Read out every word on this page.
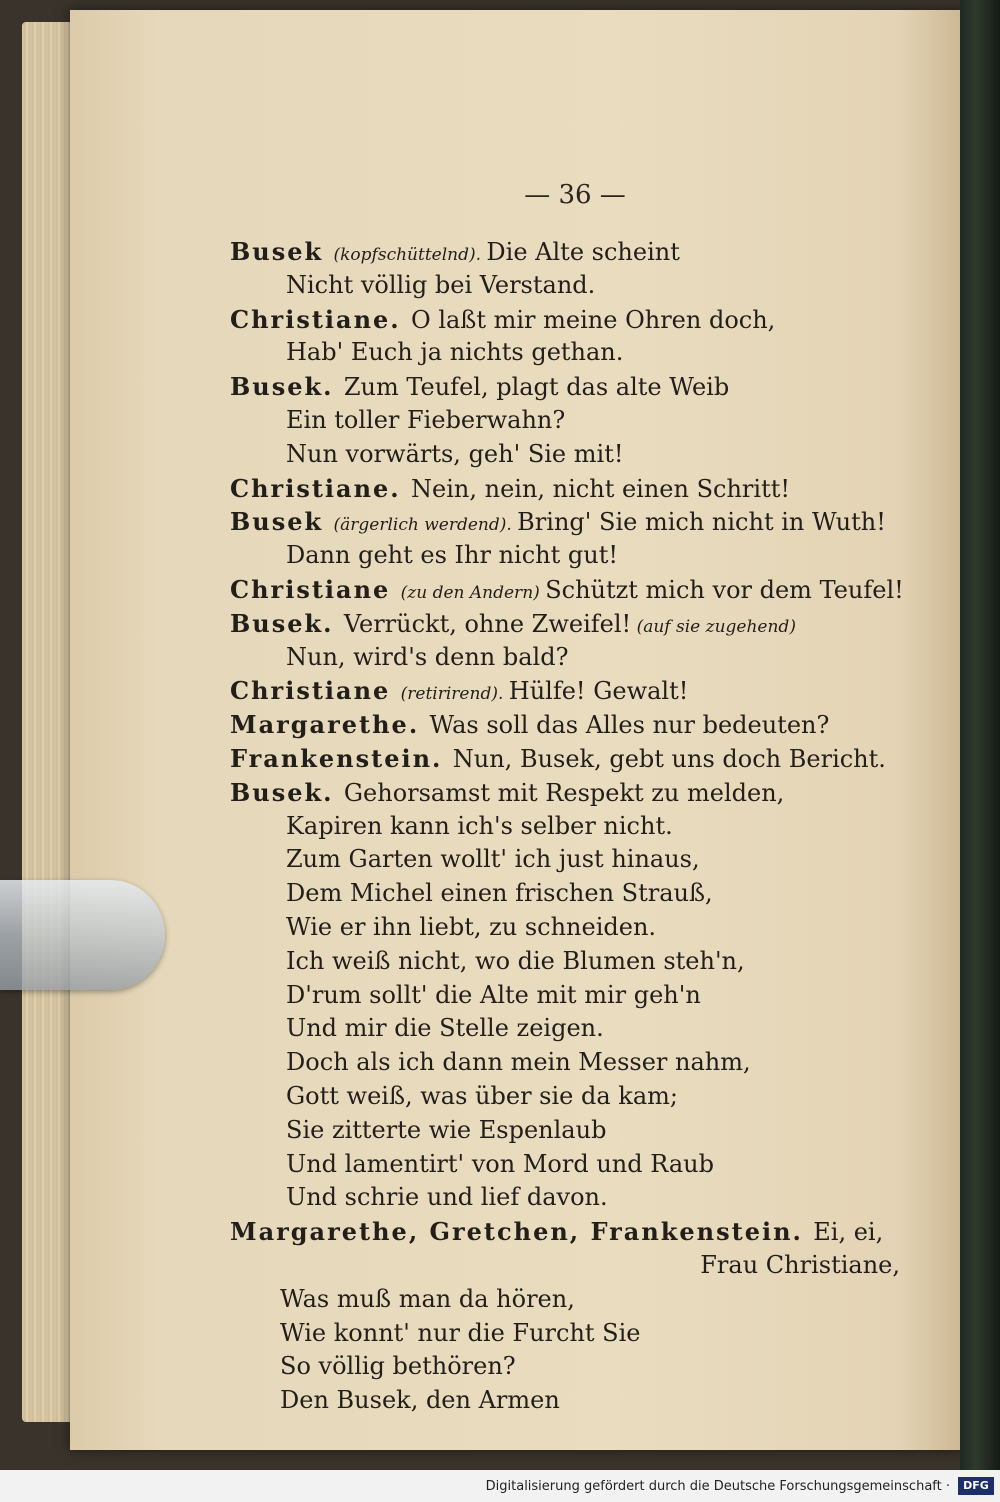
— 36 —
Busek (kopfschüttelnd). Die Alte scheint
Nicht völlig bei Verstand.
Christiane. O laßt mir meine Ohren doch,
Hab' Euch ja nichts gethan.
Busek. Zum Teufel, plagt das alte Weib
Ein toller Fieberwahn?
Nun vorwärts, geh' Sie mit!
Christiane. Nein, nein, nicht einen Schritt!
Busek (ärgerlich werdend). Bring' Sie mich nicht in Wuth!
Dann geht es Ihr nicht gut!
Christiane (zu den Andern) Schützt mich vor dem Teufel!
Busek. Verrückt, ohne Zweifel! (auf sie zugehend)
Nun, wird's denn bald?
Christiane (retirirend). Hülfe! Gewalt!
Margarethe. Was soll das Alles nur bedeuten?
Frankenstein. Nun, Busek, gebt uns doch Bericht.
Busek. Gehorsamst mit Respekt zu melden,
Kapiren kann ich's selber nicht.
Zum Garten wollt' ich just hinaus,
Dem Michel einen frischen Strauß,
Wie er ihn liebt, zu schneiden.
Ich weiß nicht, wo die Blumen steh'n,
D'rum sollt' die Alte mit mir geh'n
Und mir die Stelle zeigen.
Doch als ich dann mein Messer nahm,
Gott weiß, was über sie da kam;
Sie zitterte wie Espenlaub
Und lamentirt' von Mord und Raub
Und schrie und lief davon.
Margarethe, Gretchen, Frankenstein. Ei, ei,
Frau Christiane,
Was muß man da hören,
Wie konnt' nur die Furcht Sie
So völlig bethören?
Den Busek, den Armen
Digitalisierung gefördert durch die Deutsche Forschungsgemeinschaft ·	DFG
